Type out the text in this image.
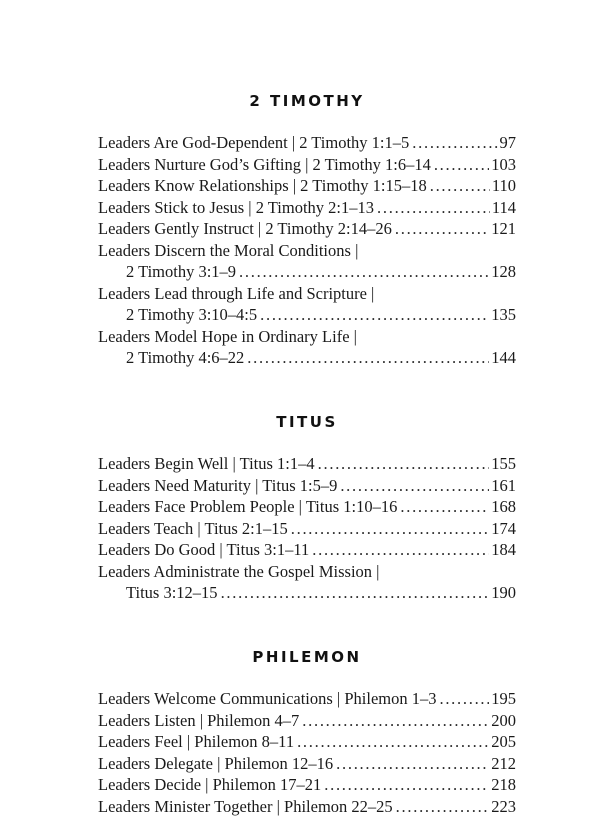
2 TIMOTHY
Leaders Are God-Dependent | 2 Timothy 1:1–5 . . .	97
Leaders Nurture God’s Gifting | 2 Timothy 1:6–14 . . .	103
Leaders Know Relationships | 2 Timothy 1:15–18 . . .	110
Leaders Stick to Jesus | 2 Timothy 2:1–13 . . .	114
Leaders Gently Instruct | 2 Timothy 2:14–26 . . .	121
Leaders Discern the Moral Conditions |
2 Timothy 3:1–9 . . .	128
Leaders Lead through Life and Scripture |
2 Timothy 3:10–4:5 . . .	135
Leaders Model Hope in Ordinary Life |
2 Timothy 4:6–22 . . .	144
TITUS
Leaders Begin Well | Titus 1:1–4 . . .	155
Leaders Need Maturity | Titus 1:5–9 . . .	161
Leaders Face Problem People | Titus 1:10–16 . . .	168
Leaders Teach | Titus 2:1–15 . . .	174
Leaders Do Good | Titus 3:1–11 . . .	184
Leaders Administrate the Gospel Mission |
Titus 3:12–15 . . .	190
PHILEMON
Leaders Welcome Communications | Philemon 1–3 . . .	195
Leaders Listen | Philemon 4–7 . . .	200
Leaders Feel | Philemon 8–11 . . .	205
Leaders Delegate | Philemon 12–16 . . .	212
Leaders Decide | Philemon 17–21 . . .	218
Leaders Minister Together | Philemon 22–25 . . .	223
